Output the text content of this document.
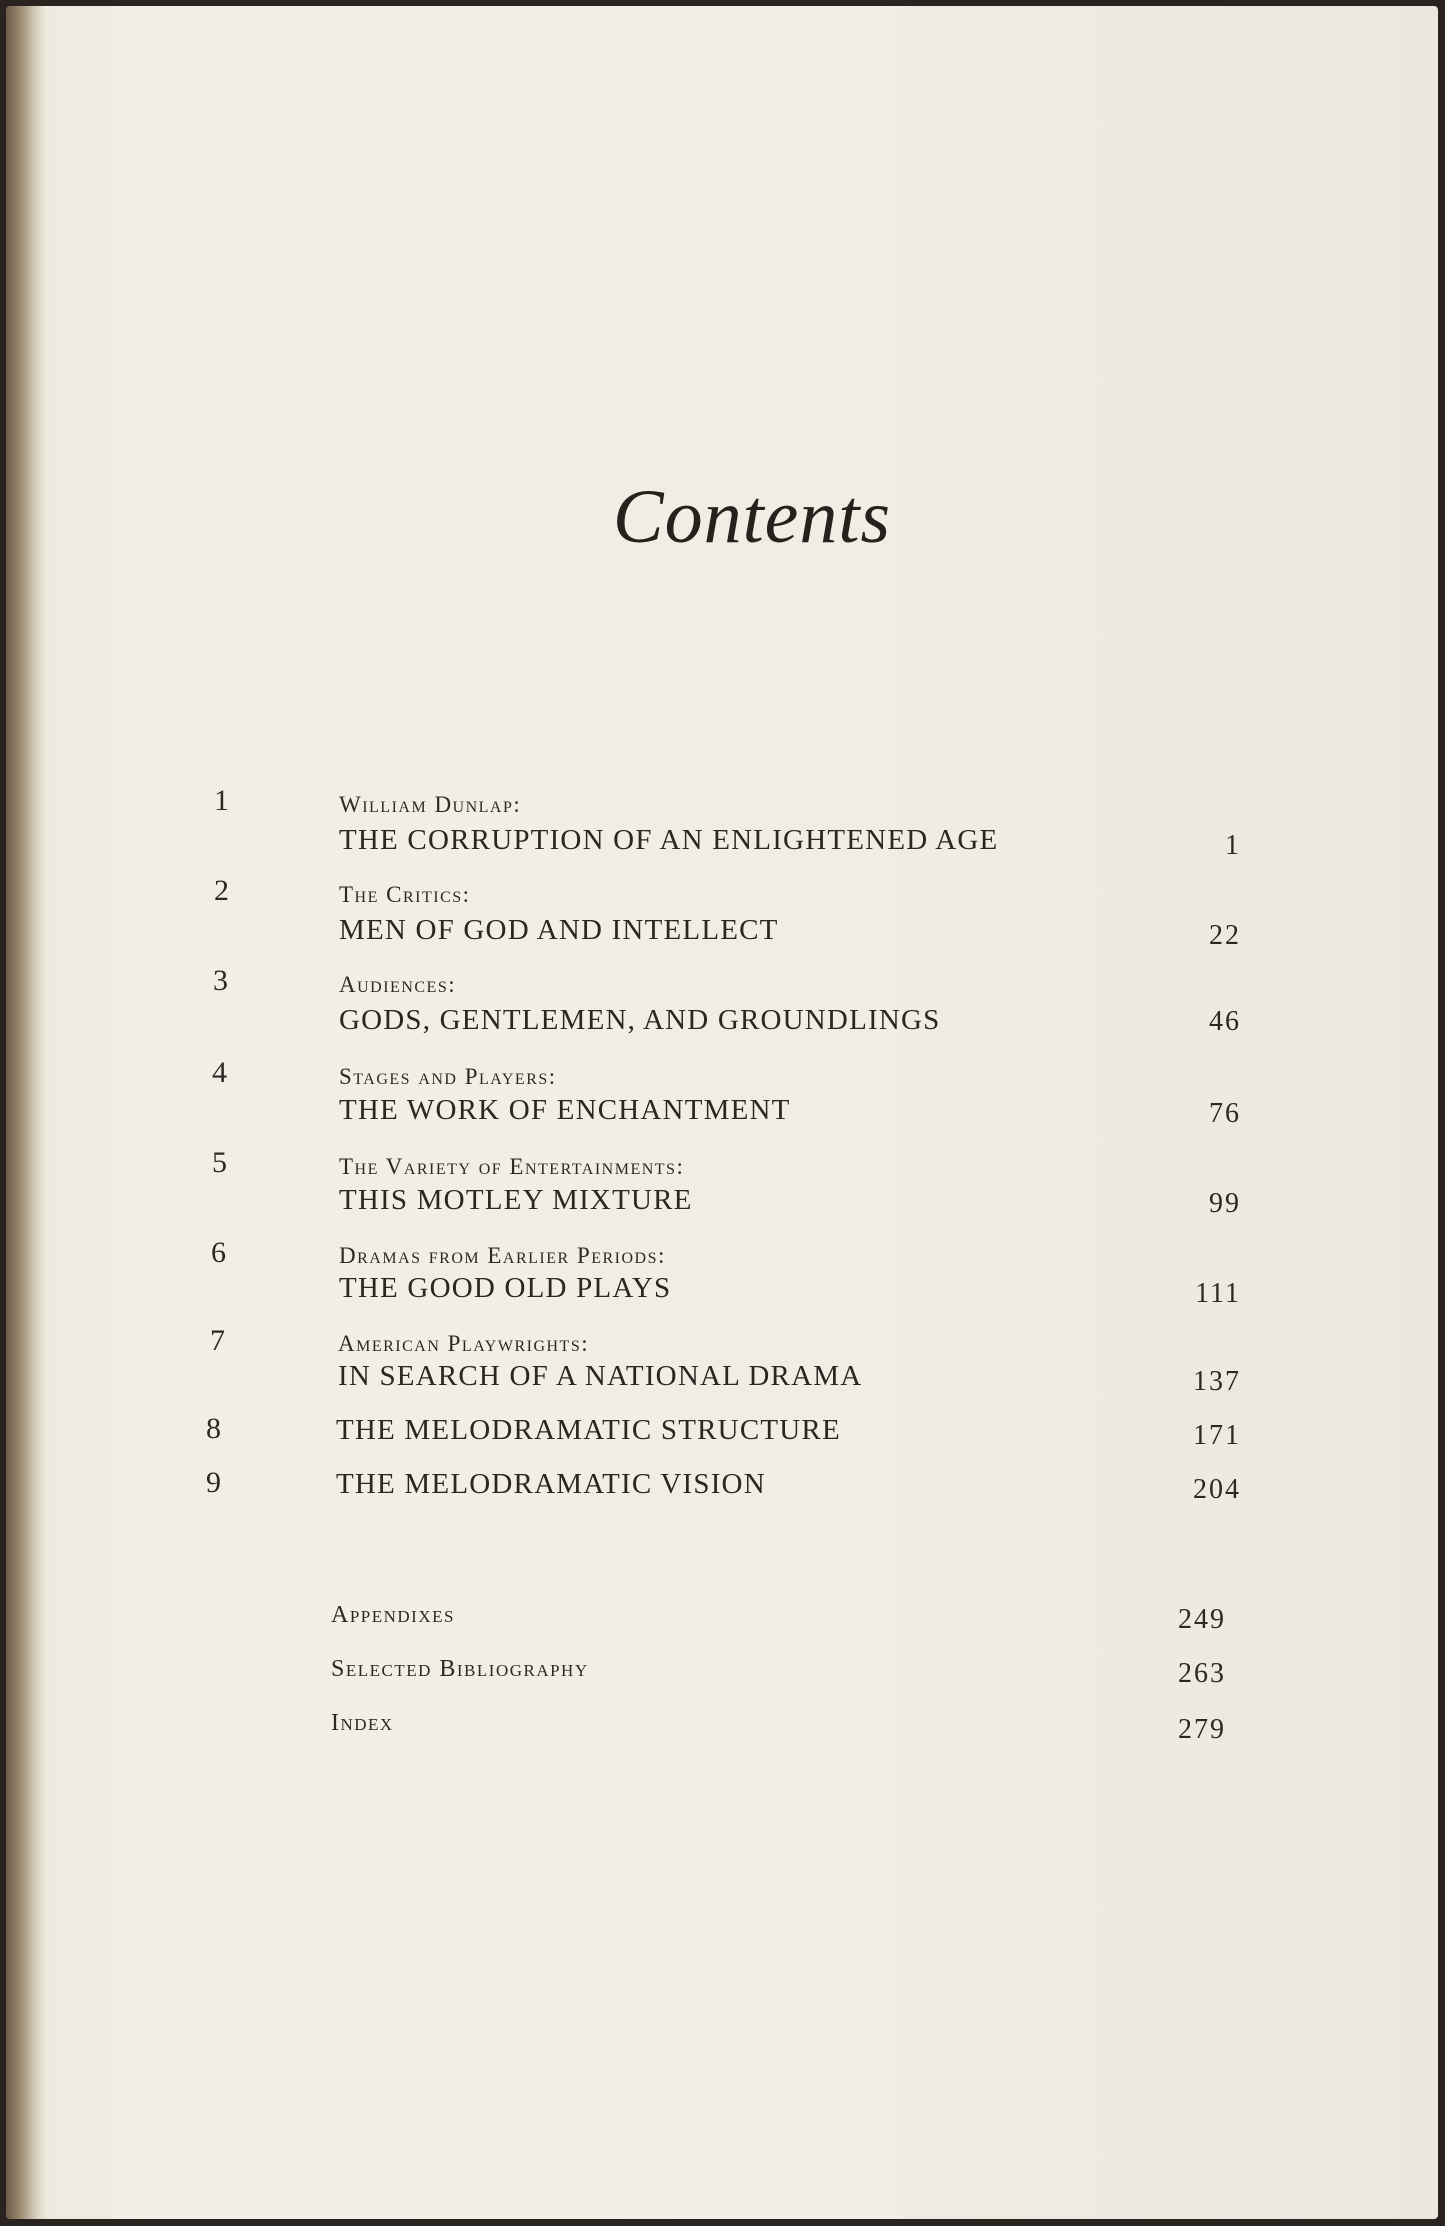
Contents
1	William Dunlap:
THE CORRUPTION OF AN ENLIGHTENED AGE	1
2	The Critics:
MEN OF GOD AND INTELLECT	22
3	Audiences:
GODS, GENTLEMEN, AND GROUNDLINGS	46
4	Stages and Players:
THE WORK OF ENCHANTMENT	76
5	The Variety of Entertainments:
THIS MOTLEY MIXTURE	99
6	Dramas from Earlier Periods:
THE GOOD OLD PLAYS	111
7	American Playwrights:
IN SEARCH OF A NATIONAL DRAMA	137
8	THE MELODRAMATIC STRUCTURE	171
9	THE MELODRAMATIC VISION	204
Appendixes	249
Selected Bibliography	263
Index	279
